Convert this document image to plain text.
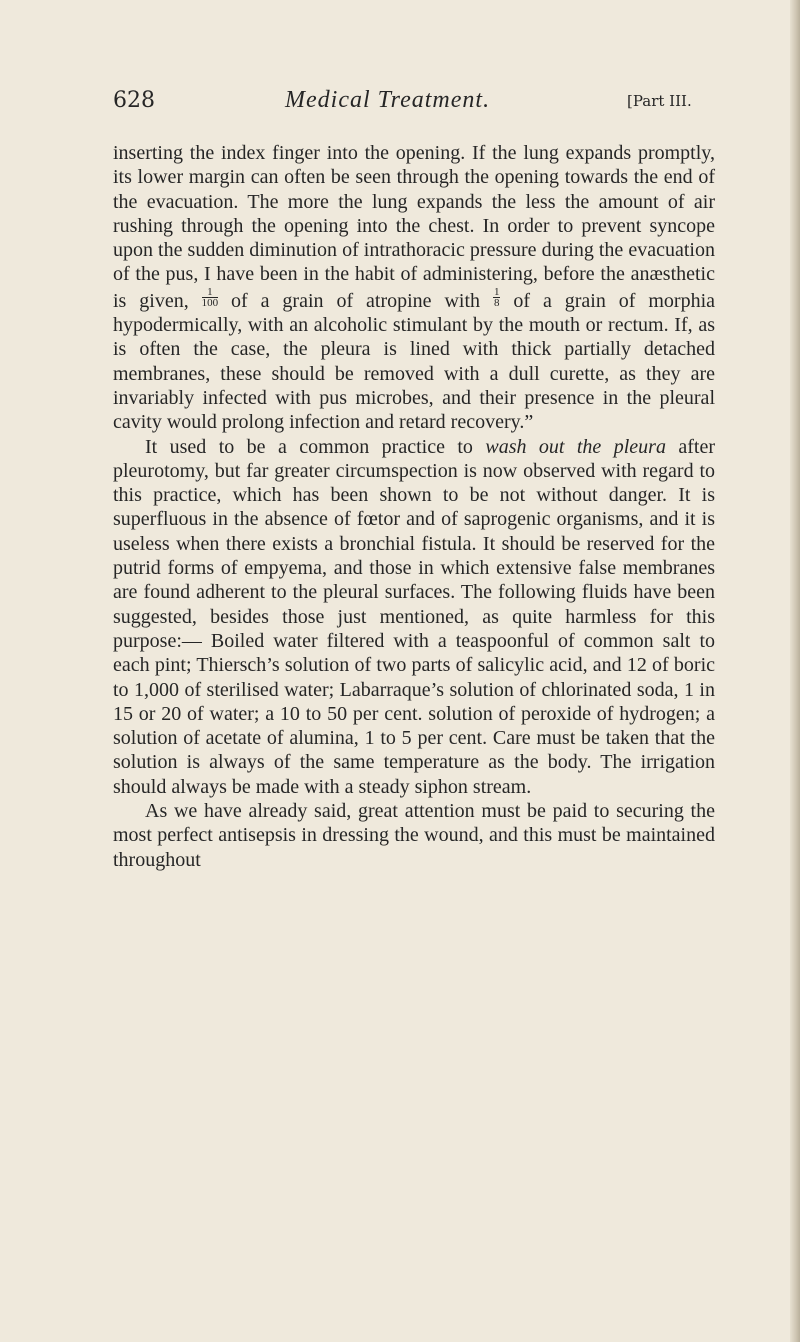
628	Medical Treatment.	[Part III.

inserting the index finger into the opening. If the lung expands promptly, its lower margin can often be seen through the opening towards the end of the evacuation. The more the lung expands the less the amount of air rushing through the opening into the chest. In order to prevent syncope upon the sudden diminution of intrathoracic pressure during the evacuation of the pus, I have been in the habit of administering, before the anæsthetic is given, $\frac{1}{100}$ of a grain of atropine with $\frac{1}{8}$ of a grain of morphia hypodermically, with an alcoholic stimulant by the mouth or rectum. If, as is often the case, the pleura is lined with thick partially detached membranes, these should be removed with a dull curette, as they are invariably infected with pus microbes, and their presence in the pleural cavity would prolong infection and retard recovery.”

It used to be a common practice to wash out the pleura after pleurotomy, but far greater circumspection is now observed with regard to this practice, which has been shown to be not without danger. It is superfluous in the absence of fœtor and of saprogenic organisms, and it is useless when there exists a bronchial fistula. It should be reserved for the putrid forms of empyema, and those in which extensive false membranes are found adherent to the pleural surfaces. The following fluids have been suggested, besides those just mentioned, as quite harmless for this purpose:— Boiled water filtered with a teaspoonful of common salt to each pint; Thiersch’s solution of two parts of salicylic acid, and 12 of boric to 1,000 of sterilised water; Labarraque’s solution of chlorinated soda, 1 in 15 or 20 of water; a 10 to 50 per cent. solution of peroxide of hydrogen; a solution of acetate of alumina, 1 to 5 per cent. Care must be taken that the solution is always of the same temperature as the body. The irrigation should always be made with a steady siphon stream.

As we have already said, great attention must be paid to securing the most perfect antisepsis in dressing the wound, and this must be maintained throughout
